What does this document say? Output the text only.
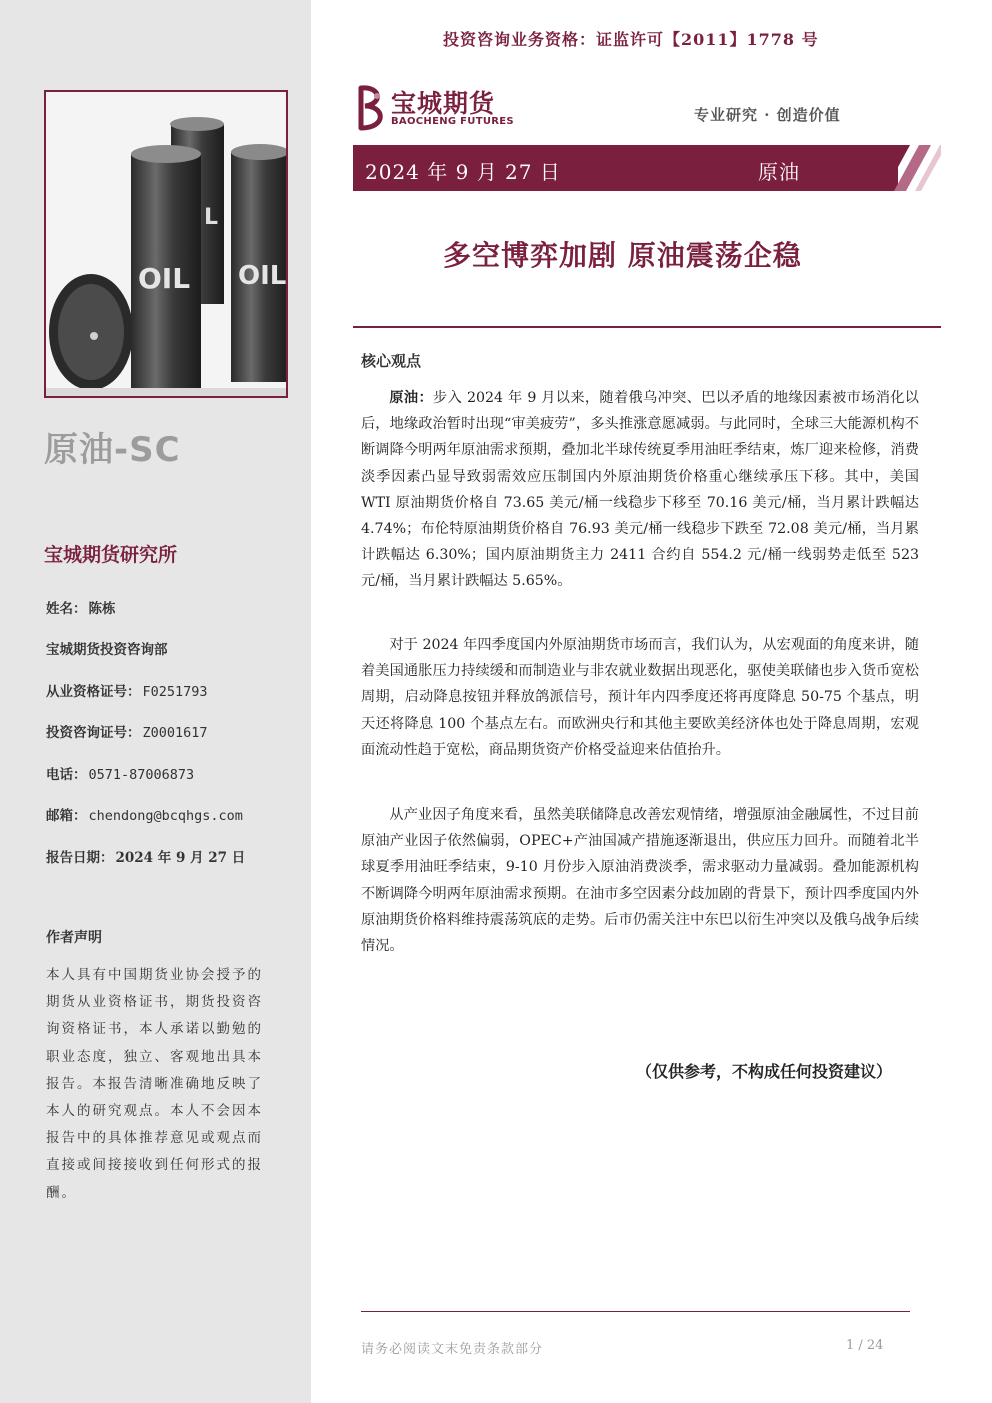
L
OIL
OIL
原油-SC
宝城期货研究所
姓名： 陈栋
宝城期货投资咨询部
从业资格证号： F0251793
投资咨询证号： Z0001617
电话： 0571-87006873
邮箱： chendong@bcqhgs.com
报告日期： 2024 年 9 月 27 日
作者声明
本人具有中国期货业协会授予的期货从业资格证书，期货投资咨询资格证书，本人承诺以勤勉的职业态度，独立、客观地出具本报告。本报告清晰准确地反映了本人的研究观点。本人不会因本报告中的具体推荐意见或观点而直接或间接接收到任何形式的报酬。
投资咨询业务资格：证监许可【2011】1778 号
宝城期货
BAOCHENG FUTURES	专业研究 · 创造价值
2024 年 9 月 27 日	原油
多空博弈加剧 原油震荡企稳
核心观点

原油：步入 2024 年 9 月以来，随着俄乌冲突、巴以矛盾的地缘因素被市场消化以后，地缘政治暂时出现“审美疲劳”，多头推涨意愿减弱。与此同时，全球三大能源机构不断调降今明两年原油需求预期，叠加北半球传统夏季用油旺季结束，炼厂迎来检修，消费淡季因素凸显导致弱需效应压制国内外原油期货价格重心继续承压下移。其中，美国 WTI 原油期货价格自 73.65 美元/桶一线稳步下移至 70.16 美元/桶，当月累计跌幅达 4.74%；布伦特原油期货价格自 76.93 美元/桶一线稳步下跌至 72.08 美元/桶，当月累计跌幅达 6.30%；国内原油期货主力 2411 合约自 554.2 元/桶一线弱势走低至 523 元/桶，当月累计跌幅达 5.65%。

对于 2024 年四季度国内外原油期货市场而言，我们认为，从宏观面的角度来讲，随着美国通胀压力持续缓和而制造业与非农就业数据出现恶化，驱使美联储也步入货币宽松周期，启动降息按钮并释放鸽派信号，预计年内四季度还将再度降息 50-75 个基点，明天还将降息 100 个基点左右。而欧洲央行和其他主要欧美经济体也处于降息周期，宏观面流动性趋于宽松，商品期货资产价格受益迎来估值抬升。

从产业因子角度来看，虽然美联储降息改善宏观情绪，增强原油金融属性，不过目前原油产业因子依然偏弱，OPEC+产油国减产措施逐渐退出，供应压力回升。而随着北半球夏季用油旺季结束，9-10 月份步入原油消费淡季，需求驱动力量减弱。叠加能源机构不断调降今明两年原油需求预期。在油市多空因素分歧加剧的背景下，预计四季度国内外原油期货价格料维持震荡筑底的走势。后市仍需关注中东巴以衍生冲突以及俄乌战争后续情况。

（仅供参考，不构成任何投资建议）
请务必阅读文末免责条款部分	1 / 24
